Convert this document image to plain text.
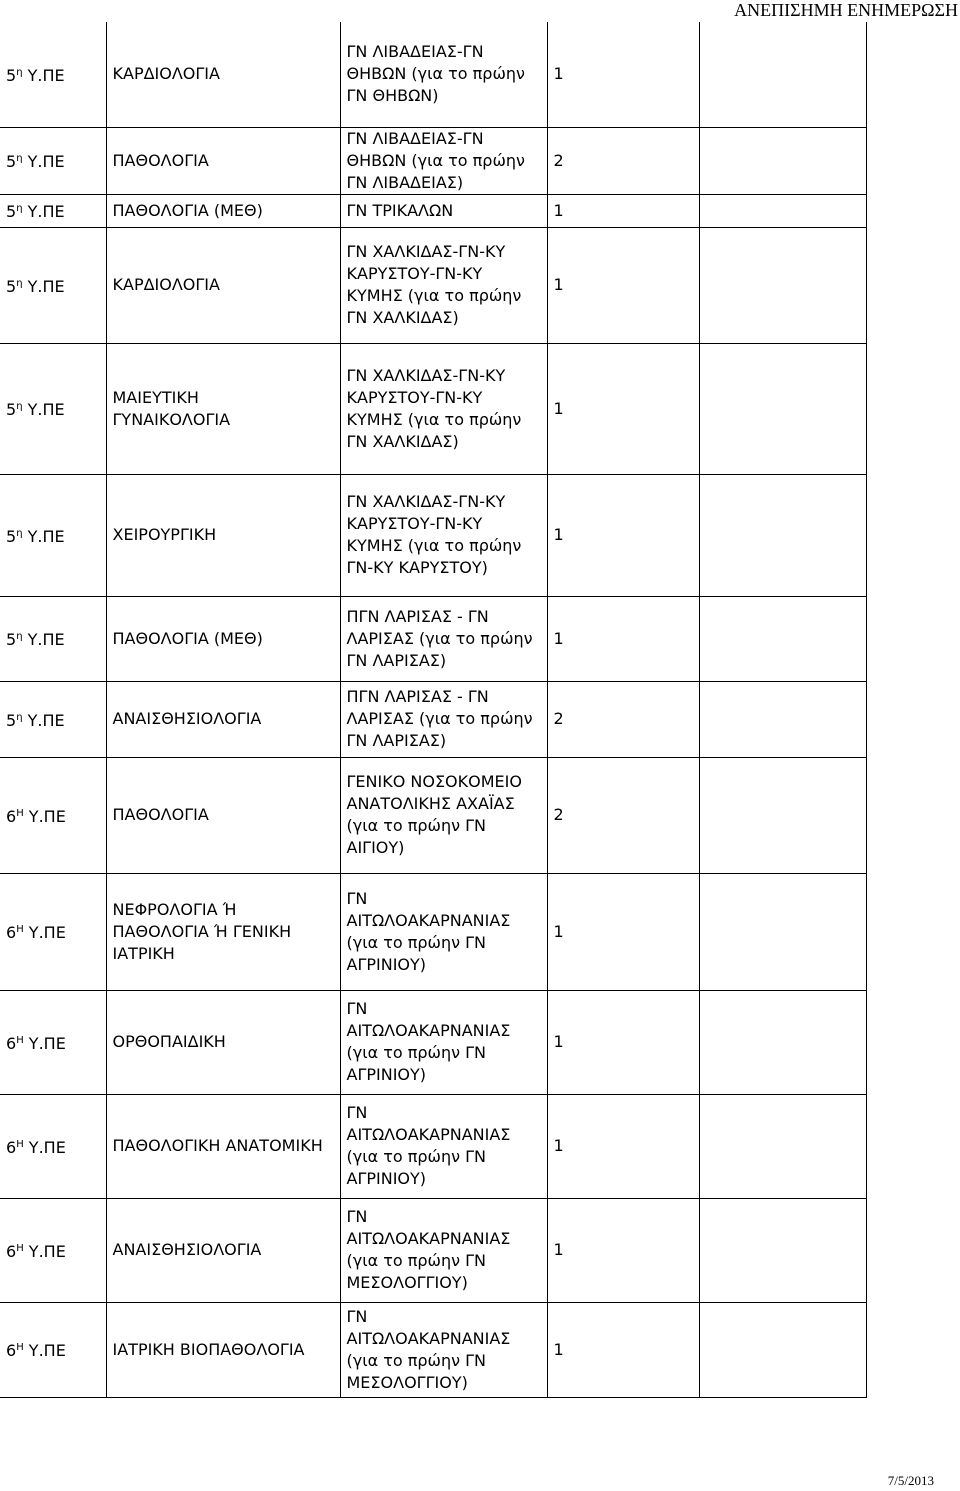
ΑΝΕΠΙΣΗΜΗ ΕΝΗΜΕΡΩΣΗ
$5^\eta$ Υ.ΠΕ	ΚΑΡΔΙΟΛΟΓΙΑ	ΓΝ ΛΙΒΑΔΕΙΑΣ-ΓΝ
ΘΗΒΩΝ (για το πρώην
ΓΝ ΘΗΒΩΝ)	1	
$5^\eta$ Υ.ΠΕ	ΠΑΘΟΛΟΓΙΑ	ΓΝ ΛΙΒΑΔΕΙΑΣ-ΓΝ
ΘΗΒΩΝ (για το πρώην
ΓΝ ΛΙΒΑΔΕΙΑΣ)	2	
$5^\eta$ Υ.ΠΕ	ΠΑΘΟΛΟΓΙΑ (ΜΕΘ)	ΓΝ ΤΡΙΚΑΛΩΝ	1	
$5^\eta$ Υ.ΠΕ	ΚΑΡΔΙΟΛΟΓΙΑ	ΓΝ ΧΑΛΚΙΔΑΣ-ΓΝ-ΚΥ
ΚΑΡΥΣΤΟΥ-ΓΝ-ΚΥ
ΚΥΜΗΣ (για το πρώην
ΓΝ ΧΑΛΚΙΔΑΣ)	1	
$5^\eta$ Υ.ΠΕ	ΜΑΙΕΥΤΙΚΗ
ΓΥΝΑΙΚΟΛΟΓΙΑ	ΓΝ ΧΑΛΚΙΔΑΣ-ΓΝ-ΚΥ
ΚΑΡΥΣΤΟΥ-ΓΝ-ΚΥ
ΚΥΜΗΣ (για το πρώην
ΓΝ ΧΑΛΚΙΔΑΣ)	1	
$5^\eta$ Υ.ΠΕ	ΧΕΙΡΟΥΡΓΙΚΗ	ΓΝ ΧΑΛΚΙΔΑΣ-ΓΝ-ΚΥ
ΚΑΡΥΣΤΟΥ-ΓΝ-ΚΥ
ΚΥΜΗΣ (για το πρώην
ΓΝ-ΚΥ ΚΑΡΥΣΤΟΥ)	1	
$5^\eta$ Υ.ΠΕ	ΠΑΘΟΛΟΓΙΑ (ΜΕΘ)	ΠΓΝ ΛΑΡΙΣΑΣ - ΓΝ
ΛΑΡΙΣΑΣ (για το πρώην
ΓΝ ΛΑΡΙΣΑΣ)	1	
$5^\eta$ Υ.ΠΕ	ΑΝΑΙΣΘΗΣΙΟΛΟΓΙΑ	ΠΓΝ ΛΑΡΙΣΑΣ - ΓΝ
ΛΑΡΙΣΑΣ (για το πρώην
ΓΝ ΛΑΡΙΣΑΣ)	2	
$6^H$ Υ.ΠΕ	ΠΑΘΟΛΟΓΙΑ	ΓΕΝΙΚΟ ΝΟΣΟΚΟΜΕΙΟ
ΑΝΑΤΟΛΙΚΗΣ ΑΧΑΪΑΣ
(για το πρώην ΓΝ
ΑΙΓΙΟΥ)	2	
$6^H$ Υ.ΠΕ	ΝΕΦΡΟΛΟΓΙΑ Ή
ΠΑΘΟΛΟΓΙΑ Ή ΓΕΝΙΚΗ
ΙΑΤΡΙΚΗ	ΓΝ
ΑΙΤΩΛΟΑΚΑΡΝΑΝΙΑΣ
(για το πρώην ΓΝ
ΑΓΡΙΝΙΟΥ)	1	
$6^H$ Υ.ΠΕ	ΟΡΘΟΠΑΙΔΙΚΗ	ΓΝ
ΑΙΤΩΛΟΑΚΑΡΝΑΝΙΑΣ
(για το πρώην ΓΝ
ΑΓΡΙΝΙΟΥ)	1	
$6^H$ Υ.ΠΕ	ΠΑΘΟΛΟΓΙΚΗ ΑΝΑΤΟΜΙΚΗ	ΓΝ
ΑΙΤΩΛΟΑΚΑΡΝΑΝΙΑΣ
(για το πρώην ΓΝ
ΑΓΡΙΝΙΟΥ)	1	
$6^H$ Υ.ΠΕ	ΑΝΑΙΣΘΗΣΙΟΛΟΓΙΑ	ΓΝ
ΑΙΤΩΛΟΑΚΑΡΝΑΝΙΑΣ
(για το πρώην ΓΝ
ΜΕΣΟΛΟΓΓΙΟΥ)	1	
$6^H$ Υ.ΠΕ	ΙΑΤΡΙΚΗ ΒΙΟΠΑΘΟΛΟΓΙΑ	ΓΝ
ΑΙΤΩΛΟΑΚΑΡΝΑΝΙΑΣ
(για το πρώην ΓΝ
ΜΕΣΟΛΟΓΓΙΟΥ)	1	
7/5/2013
